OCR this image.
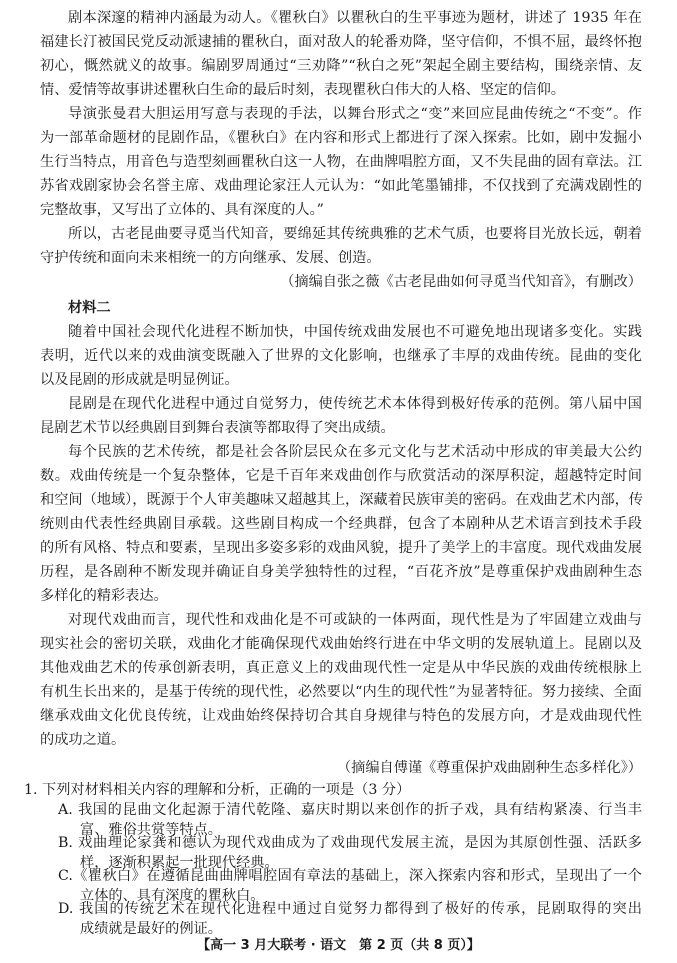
剧本深邃的精神内涵最为动人。《瞿秋白》以瞿秋白的生平事迹为题材，讲述了 1935 年在
福建长汀被国民党反动派逮捕的瞿秋白，面对敌人的轮番劝降，坚守信仰，不惧不屈，最终怀抱
初心，慨然就义的故事。编剧罗周通过“三劝降”“秋白之死”架起全剧主要结构，围绕亲情、友
情、爱情等故事讲述瞿秋白生命的最后时刻，表现瞿秋白伟大的人格、坚定的信仰。
导演张曼君大胆运用写意与表现的手法，以舞台形式之“变”来回应昆曲传统之“不变”。作
为一部革命题材的昆剧作品，《瞿秋白》在内容和形式上都进行了深入探索。比如，剧中发掘小
生行当特点，用音色与造型刻画瞿秋白这一人物，在曲牌唱腔方面，又不失昆曲的固有章法。江
苏省戏剧家协会名誉主席、戏曲理论家汪人元认为：“如此笔墨铺排，不仅找到了充满戏剧性的
完整故事，又写出了立体的、具有深度的人。”
所以，古老昆曲要寻觅当代知音，要绵延其传统典雅的艺术气质，也要将目光放长远，朝着
守护传统和面向未来相统一的方向继承、发展、创造。
（摘编自张之薇《古老昆曲如何寻觅当代知音》，有删改）
材料二
随着中国社会现代化进程不断加快，中国传统戏曲发展也不可避免地出现诸多变化。实践
表明，近代以来的戏曲演变既融入了世界的文化影响，也继承了丰厚的戏曲传统。昆曲的变化
以及昆剧的形成就是明显例证。
昆剧是在现代化进程中通过自觉努力，使传统艺术本体得到极好传承的范例。第八届中国
昆剧艺术节以经典剧目到舞台表演等都取得了突出成绩。
每个民族的艺术传统，都是社会各阶层民众在多元文化与艺术活动中形成的审美最大公约
数。戏曲传统是一个复杂整体，它是千百年来戏曲创作与欣赏活动的深厚积淀，超越特定时间
和空间（地域），既源于个人审美趣味又超越其上，深藏着民族审美的密码。在戏曲艺术内部，传
统则由代表性经典剧目承载。这些剧目构成一个经典群，包含了本剧种从艺术语言到技术手段
的所有风格、特点和要素，呈现出多姿多彩的戏曲风貌，提升了美学上的丰富度。现代戏曲发展
历程，是各剧种不断发现并确证自身美学独特性的过程，“百花齐放”是尊重保护戏曲剧种生态
多样化的精彩表达。
对现代戏曲而言，现代性和戏曲化是不可或缺的一体两面，现代性是为了牢固建立戏曲与
现实社会的密切关联，戏曲化才能确保现代戏曲始终行进在中华文明的发展轨道上。昆剧以及
其他戏曲艺术的传承创新表明，真正意义上的戏曲现代性一定是从中华民族的戏曲传统根脉上
有机生长出来的，是基于传统的现代性，必然要以“内生的现代性”为显著特征。努力接续、全面
继承戏曲文化优良传统，让戏曲始终保持切合其自身规律与特色的发展方向，才是戏曲现代性
的成功之道。
（摘编自傅谨《尊重保护戏曲剧种生态多样化》）
1. 下列对材料相关内容的理解和分析，正确的一项是（3 分）
A. 我国的昆曲文化起源于清代乾隆、嘉庆时期以来创作的折子戏，具有结构紧凑、行当丰
富、雅俗共赏等特点。
B. 戏曲理论家龚和德认为现代戏曲成为了戏曲现代发展主流，是因为其原创性强、活跃多
样，逐渐积累起一批现代经典。
C.《瞿秋白》在遵循昆曲曲牌唱腔固有章法的基础上，深入探索内容和形式，呈现出了一个
立体的、具有深度的瞿秋白。
D. 我国的传统艺术在现代化进程中通过自觉努力都得到了极好的传承，昆剧取得的突出
成绩就是最好的例证。
【高一 3 月大联考 · 语文　第 2 页（共 8 页）】
